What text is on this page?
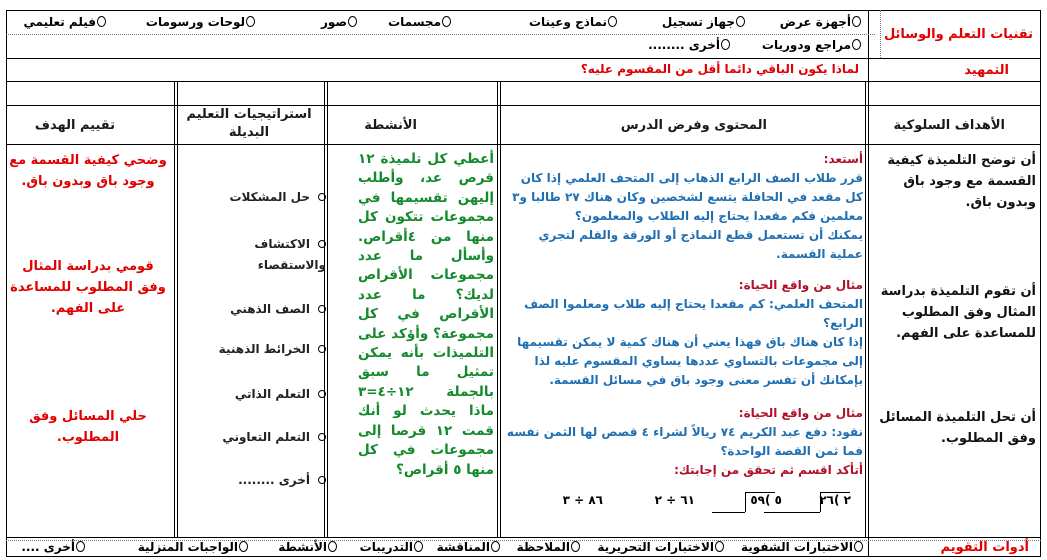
تقنيات التعلم والوسائل
التمهيد
لماذا يكون الباقي دائما أقل من المقسوم عليه؟
أجهزة عرض
جهاز تسجيل
نماذج وعينات
مجسمات
صور
لوحات ورسومات
فيلم تعليمي
مراجع ودوريات
أخرى ........
الأهداف السلوكية
المحتوى وفرض الدرس
الأنشطة
استراتيجيات التعليم البديلة
تقييم الهدف
أن توضح التلميذة كيفية القسمة مع وجود باق وبدون باق.
أن تقوم التلميذة بدراسة المثال وفق المطلوب للمساعدة على الفهم.
أن تحل التلميذة المسائل وفق المطلوب.
أستعد:
قرر طلاب الصف الرابع الذهاب إلى المتحف العلمي إذا كان كل مقعد في الحافلة يتسع لشخصين وكان هناك ٢٧ طالبا و٣ معلمين فكم مقعدا يحتاج إليه الطلاب والمعلمون؟
يمكنك أن تستعمل قطع النماذج أو الورقة والقلم لتجري عملية القسمة.
مثال من واقع الحياة:
المتحف العلمي: كم مقعدا يحتاج إليه طلاب ومعلموا الصف الرابع؟
إذا كان هناك باق فهذا يعني أن هناك كمية لا يمكن تقسيمها إلى مجموعات بالتساوي عددها يساوي المقسوم عليه لذا بإمكانك أن تفسر معنى وجود باق في مسائل القسمة.
مثال من واقع الحياة:
نقود: دفع عبد الكريم ٧٤ ريالاً لشراء ٤ قصص لها الثمن نفسه فما ثمن القصة الواحدة؟
أتأكد اقسم ثم تحقق من إجابتك:
٢ )٢٦
٥ )٥٩
٦١ ÷ ٢
٨٦ ÷ ٣
أعطي كل تلميذة ١٢ قرص عد، وأطلب إليهن تقسيمها في مجموعات تتكون كل منها من ٤أقراص. وأسأل ما عدد مجموعات الأقراص لديك؟ ما عدد الأقراص في كل مجموعة؟ وأؤكد على التلميذات بأنه يمكن تمثيل ما سبق بالجملة ١٢÷٤=٣ ماذا يحدث لو أنك قمت ١٢ قرصا إلى مجموعات في كل منها ٥ أقراص؟
حل المشكلات
الاكتشاف والاستقصاء
الصف الذهني
الخرائط الذهنية
التعلم الذاتي
التعلم التعاوني
أخرى ........
وضحي كيفية القسمة مع وجود باق وبدون باق.
قومي بدراسة المثال وفق المطلوب للمساعدة على الفهم.
حلي المسائل وفق المطلوب.
أدوات التقويم
الاختبارات الشفوية
الاختبارات التحريرية
الملاحظة
المناقشة
التدريبات
الأنشطة
الواجبات المنزلية
أخرى ....
